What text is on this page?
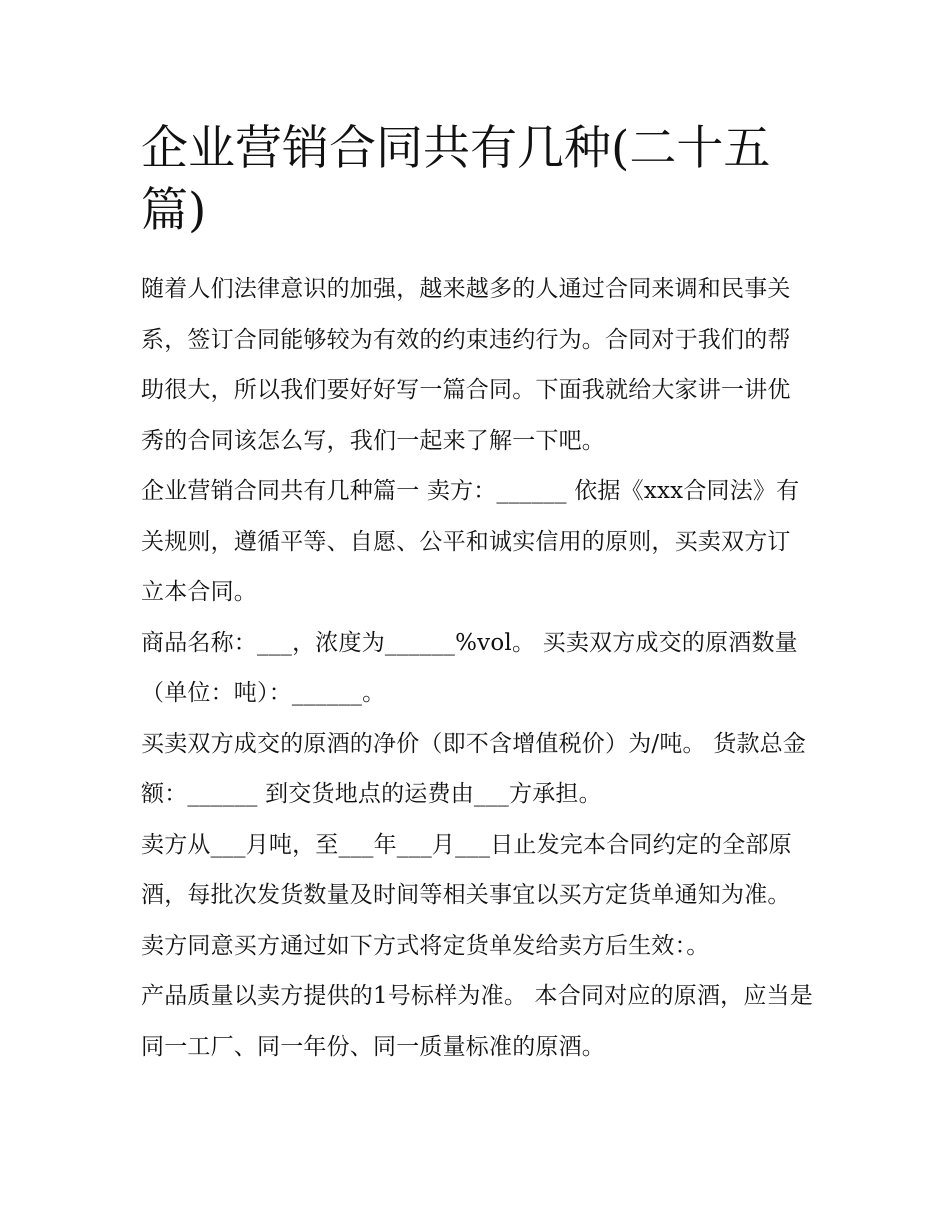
企业营销合同共有几种(二十五篇)

随着人们法律意识的加强，越来越多的人通过合同来调和民事关系，签订合同能够较为有效的约束违约行为。合同对于我们的帮助很大，所以我们要好好写一篇合同。下面我就给大家讲一讲优秀的合同该怎么写，我们一起来了解一下吧。

企业营销合同共有几种篇一 卖方：______ 依据《xxx合同法》有关规则，遵循平等、自愿、公平和诚实信用的原则，买卖双方订立本合同。

商品名称：___，浓度为______%vol。 买卖双方成交的原酒数量（单位：吨）：______。

买卖双方成交的原酒的净价（即不含增值税价）为/吨。 货款总金额：______ 到交货地点的运费由___方承担。

卖方从___月吨，至___年___月___日止发完本合同约定的全部原酒，每批次发货数量及时间等相关事宜以买方定货单通知为准。卖方同意买方通过如下方式将定货单发给卖方后生效：。

产品质量以卖方提供的1号标样为准。 本合同对应的原酒，应当是同一工厂、同一年份、同一质量标准的原酒。
